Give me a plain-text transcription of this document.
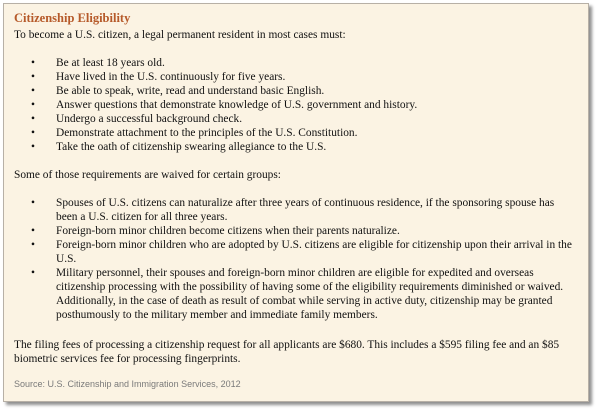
Citizenship Eligibility
To become a U.S. citizen, a legal permanent resident in most cases must:
• Be at least 18 years old.
• Have lived in the U.S. continuously for five years.
• Be able to speak, write, read and understand basic English.
• Answer questions that demonstrate knowledge of U.S. government and history.
• Undergo a successful background check.
• Demonstrate attachment to the principles of the U.S. Constitution.
• Take the oath of citizenship swearing allegiance to the U.S.
Some of those requirements are waived for certain groups:
• Spouses of U.S. citizens can naturalize after three years of continuous residence, if the sponsoring spouse has been a U.S. citizen for all three years.
• Foreign-born minor children become citizens when their parents naturalize.
• Foreign-born minor children who are adopted by U.S. citizens are eligible for citizenship upon their arrival in the U.S.
• Military personnel, their spouses and foreign-born minor children are eligible for expedited and overseas citizenship processing with the possibility of having some of the eligibility requirements diminished or waived. Additionally, in the case of death as result of combat while serving in active duty, citizenship may be granted posthumously to the military member and immediate family members.
The filing fees of processing a citizenship request for all applicants are $680. This includes a $595 filing fee and an $85 biometric services fee for processing fingerprints.
Source: U.S. Citizenship and Immigration Services, 2012
